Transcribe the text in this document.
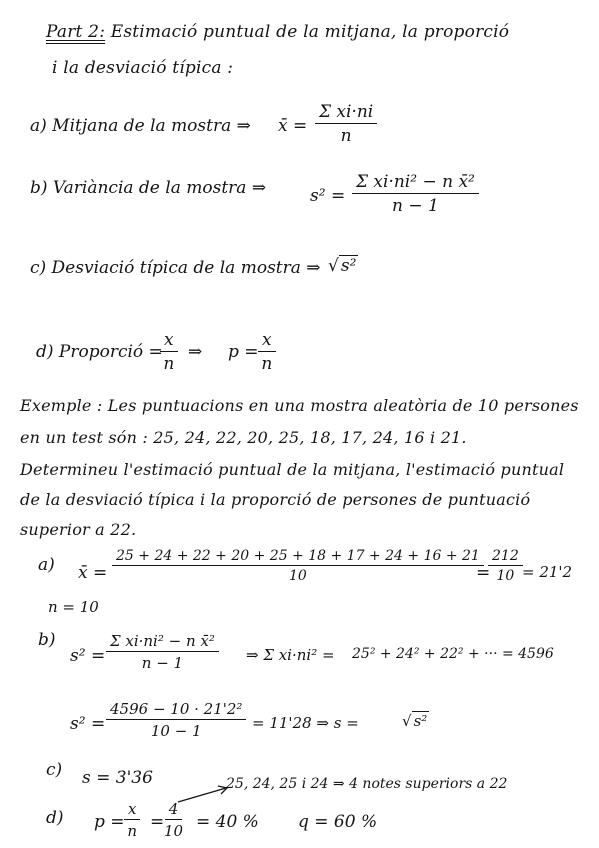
Part 2: Estimació puntual de la mitjana, la proporció
i la desviació típica :
a) Mitjana de la mostra ⇒ x̄ = $\frac{\text{Σ xi·ni}}{n}$
b) Variància de la mostra ⇒	$s^2 = \frac{\text{Σ xi·ni² − n x̄²}}{n - 1}$
c) Desviació típica de la mostra ⇒ √ s²
d) Proporció =
$\frac{x}{n}$ ⇒ $p = \frac{x}{n}$
Exemple : Les puntuacions en una mostra aleatòria de 10 persones
en un test són : 25, 24, 22, 20, 25, 18, 17, 24, 16 i 21.
Determineu l'estimació puntual de la mitjana, l'estimació puntual
de la desviació típica i la proporció de persones de puntuació
superior a 22.
a) x̄ = $\frac{25 + 24 + 22 + 20 + 25 + 18 + 17 + 24 + 16 + 21}{10}$
=
$\frac{212}{10} = 21'2$
n = 10
b)
$s^2 = \frac{\text{Σ xi·ni² − n x̄²}}{n - 1}$ ⇒ Σ xi·ni² = 25² + 24² + 22² + ··· = 4596
$s^2 = \frac{\text{4596 − 10 · 21'2²}}{10 - 1} = 11'28$ ⇒ s =	√ s²
c) s = 3'36	25, 24, 25 i 24 ⇒ 4 notes superiors a 22
d) $p = \frac{x}{n} = \frac{4}{10} = 40$ % q = 60 %
